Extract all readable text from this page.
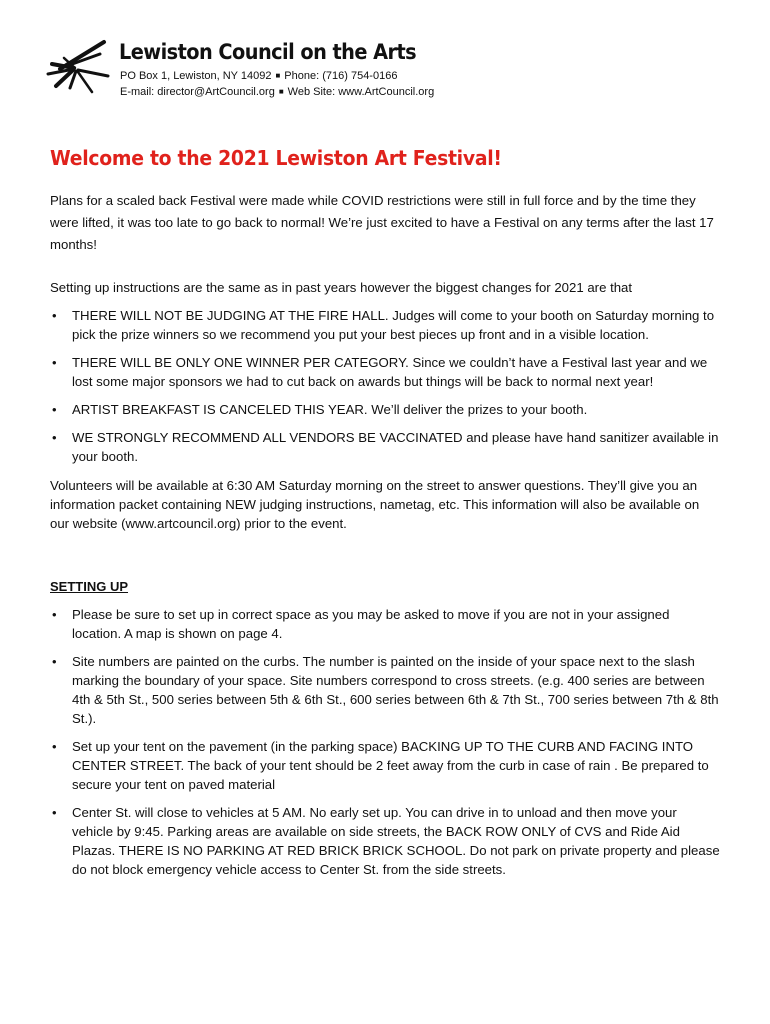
Lewiston Council on the Arts
PO Box 1, Lewiston, NY 14092 ■ Phone: (716) 754-0166
E-mail: director@ArtCouncil.org ■ Web Site: www.ArtCouncil.org
Welcome to the 2021 Lewiston Art Festival!

Plans for a scaled back Festival were made while COVID restrictions were still in full force and by the time they were lifted, it was too late to go back to normal! We’re just excited to have a Festival on any terms after the last 17 months!

Setting up instructions are the same as in past years however the biggest changes for 2021 are that

• THERE WILL NOT BE JUDGING AT THE FIRE HALL. Judges will come to your booth on Saturday morning to pick the prize winners so we recommend you put your best pieces up front and in a visible location.
• THERE WILL BE ONLY ONE WINNER PER CATEGORY. Since we couldn’t have a Festival last year and we lost some major sponsors we had to cut back on awards but things will be back to normal next year!
• ARTIST BREAKFAST IS CANCELED THIS YEAR. We’ll deliver the prizes to your booth.
• WE STRONGLY RECOMMEND ALL VENDORS BE VACCINATED and please have hand sanitizer available in your booth.

Volunteers will be available at 6:30 AM Saturday morning on the street to answer questions. They’ll give you an information packet containing NEW judging instructions, nametag, etc. This information will also be available on our website (www.artcouncil.org) prior to the event.

SETTING UP

• Please be sure to set up in correct space as you may be asked to move if you are not in your assigned location. A map is shown on page 4.
• Site numbers are painted on the curbs. The number is painted on the inside of your space next to the slash marking the boundary of your space. Site numbers correspond to cross streets. (e.g. 400 series are between 4th & 5th St., 500 series between 5th & 6th St., 600 series between 6th & 7th St., 700 series between 7th & 8th St.).
• Set up your tent on the pavement (in the parking space) BACKING UP TO THE CURB AND FACING INTO CENTER STREET. The back of your tent should be 2 feet away from the curb in case of rain . Be prepared to secure your tent on paved material
• Center St. will close to vehicles at 5 AM. No early set up. You can drive in to unload and then move your vehicle by 9:45. Parking areas are available on side streets, the BACK ROW ONLY of CVS and Ride Aid Plazas. THERE IS NO PARKING AT RED BRICK BRICK SCHOOL. Do not park on private property and please do not block emergency vehicle access to Center St. from the side streets.
